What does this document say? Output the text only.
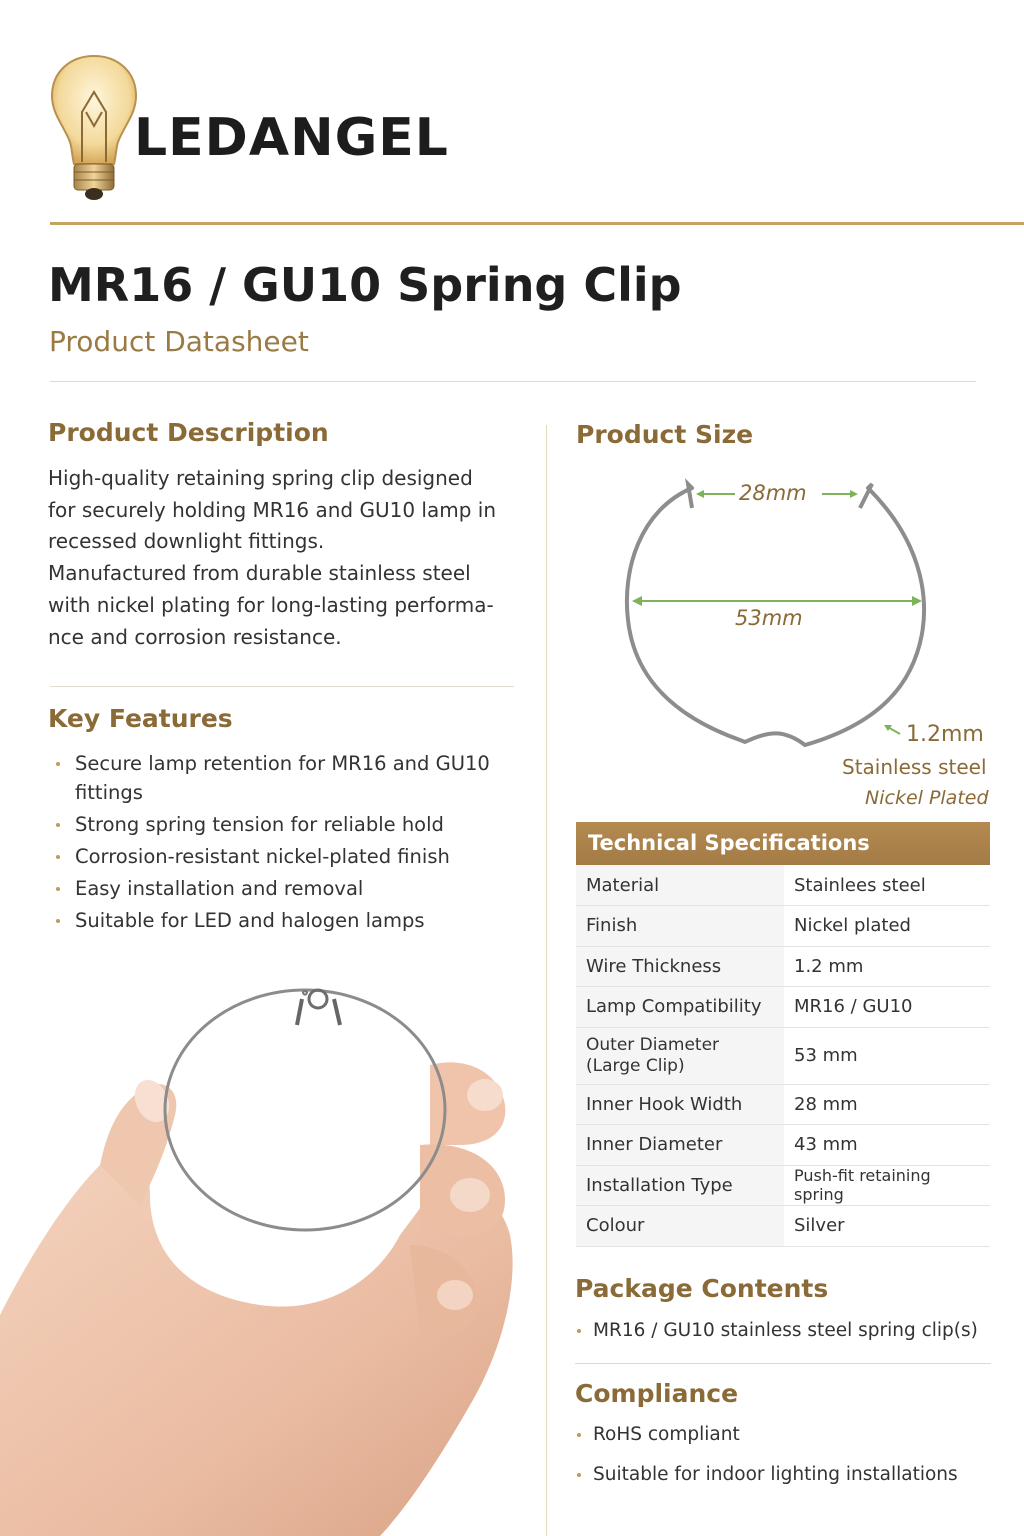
LEDANGEL
MR16 / GU10 Spring Clip
Product Datasheet
Product Description
High-quality retaining spring clip designed
for securely holding MR16 and GU10 lamp in
recessed downlight fittings.
Manufactured from durable stainless steel
with nickel plating for long-lasting performa-
nce and corrosion resistance.
Key Features
Secure lamp retention for MR16 and GU10 fittings
Strong spring tension for reliable hold
Corrosion-resistant nickel-plated finish
Easy installation and removal
Suitable for LED and halogen lamps
Product Size
28mm
53mm
1.2mm
Stainless steel
Nickel Plated
Technical Specifications
Material	Stainlees steel
Finish	Nickel plated
Wire Thickness	1.2 mm
Lamp Compatibility	MR16 / GU10
Outer Diameter (Large Clip)	53 mm
Inner Hook Width	28 mm
Inner Diameter	43 mm
Installation Type	Push-fit retaining spring
Colour	Silver
Package Contents
MR16 / GU10 stainless steel spring clip(s)
Compliance
RoHS compliant
Suitable for indoor lighting installations
